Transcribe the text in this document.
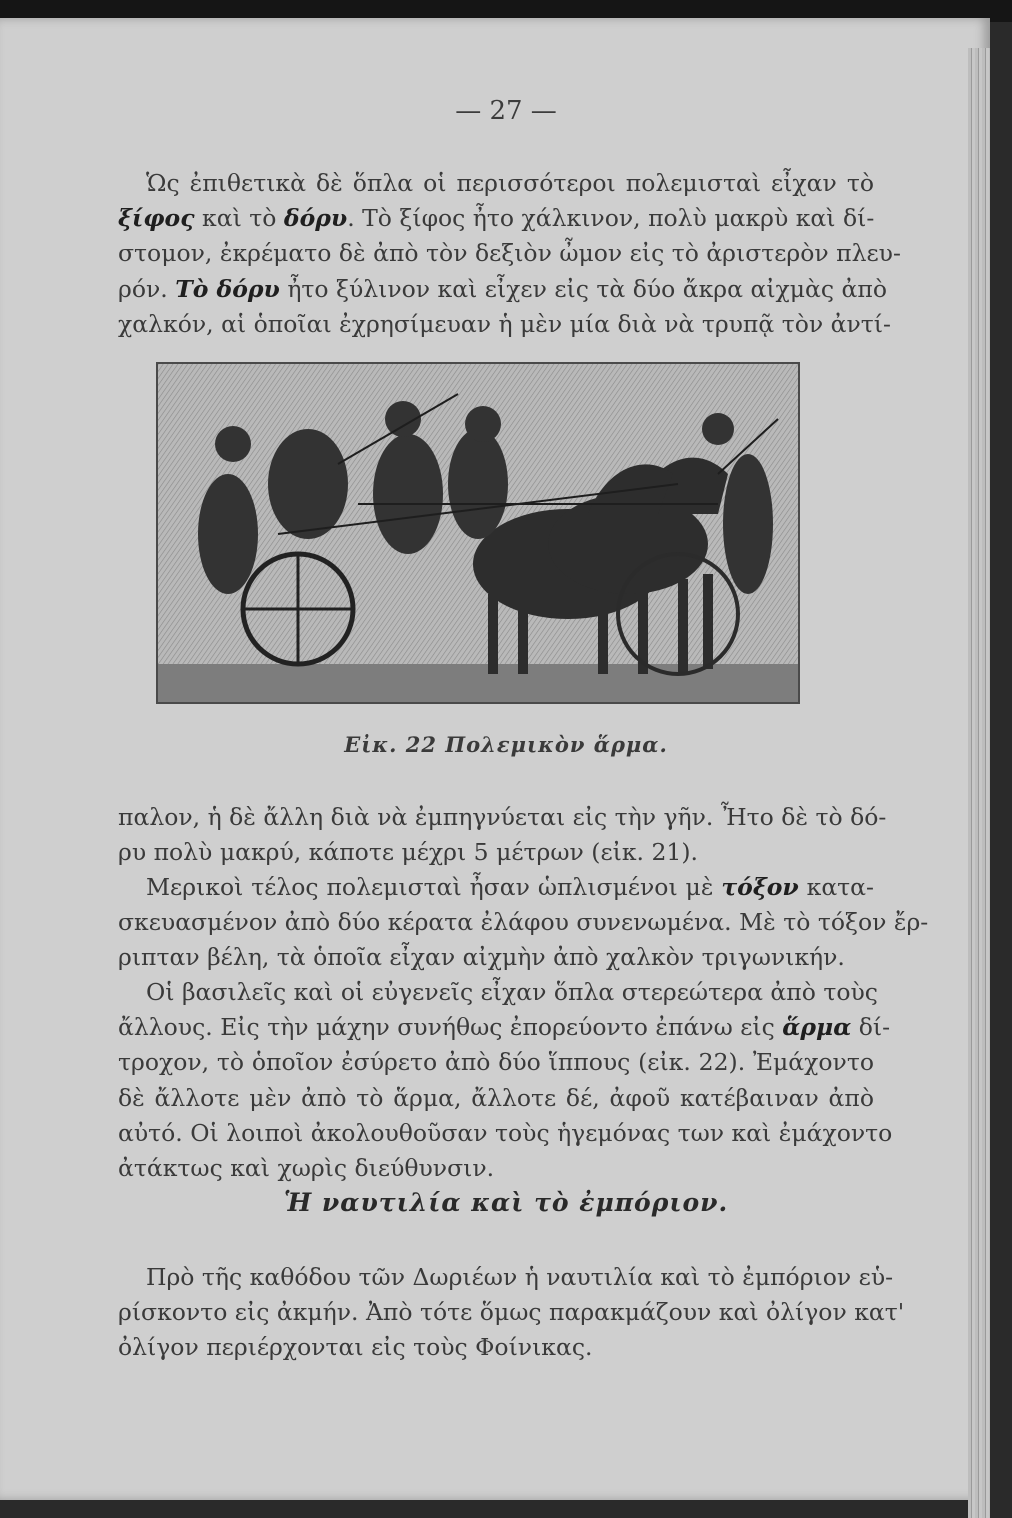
— 27 —
Ὡς ἐπιθετικὰ δὲ ὅπλα οἱ περισσότεροι πολεμισταὶ εἶχαν τὸ
ξίφος καὶ τὸ δόρυ. Τὸ ξίφος ἦτο χάλκινον, πολὺ μακρὺ καὶ δί-
στομον, ἐκρέματο δὲ ἀπὸ τὸν δεξιὸν ὦμον εἰς τὸ ἀριστερὸν πλευ-
ρόν. Τὸ δόρυ ἦτο ξύλινον καὶ εἶχεν εἰς τὰ δύο ἄκρα αἰχμὰς ἀπὸ
χαλκόν, αἱ ὁποῖαι ἐχρησίμευαν ἡ μὲν μία διὰ νὰ τρυπᾷ τὸν ἀντί-
Εἰκ. 22 Πολεμικὸν ἅρμα.
παλον, ἡ δὲ ἄλλη διὰ νὰ ἐμπηγνύεται εἰς τὴν γῆν. Ἦτο δὲ τὸ δό-
ρυ πολὺ μακρύ, κάποτε μέχρι 5 μέτρων (εἰκ. 21).
Μερικοὶ τέλος πολεμισταὶ ἦσαν ὡπλισμένοι μὲ τόξον κατα-
σκευασμένον ἀπὸ δύο κέρατα ἐλάφου συνενωμένα. Μὲ τὸ τόξον ἔρ-
ριπταν βέλη, τὰ ὁποῖα εἶχαν αἰχμὴν ἀπὸ χαλκὸν τριγωνικήν.
Οἱ βασιλεῖς καὶ οἱ εὐγενεῖς εἶχαν ὅπλα στερεώτερα ἀπὸ τοὺς
ἄλλους. Εἰς τὴν μάχην συνήθως ἐπορεύοντο ἐπάνω εἰς ἅρμα δί-
τροχον, τὸ ὁποῖον ἐσύρετο ἀπὸ δύο ἵππους (εἰκ. 22). Ἐμάχοντο
δὲ ἄλλοτε μὲν ἀπὸ τὸ ἅρμα, ἄλλοτε δέ, ἀφοῦ κατέβαιναν ἀπὸ
αὐτό. Οἱ λοιποὶ ἀκολουθοῦσαν τοὺς ἡγεμόνας των καὶ ἐμάχοντο
ἀτάκτως καὶ χωρὶς διεύθυνσιν.
Ἡ ναυτιλία καὶ τὸ ἐμπόριον.
Πρὸ τῆς καθόδου τῶν Δωριέων ἡ ναυτιλία καὶ τὸ ἐμπόριον εὑ-
ρίσκοντο εἰς ἀκμήν. Ἀπὸ τότε ὅμως παρακμάζουν καὶ ὀλίγον κατ'
ὀλίγον περιέρχονται εἰς τοὺς Φοίνικας.
